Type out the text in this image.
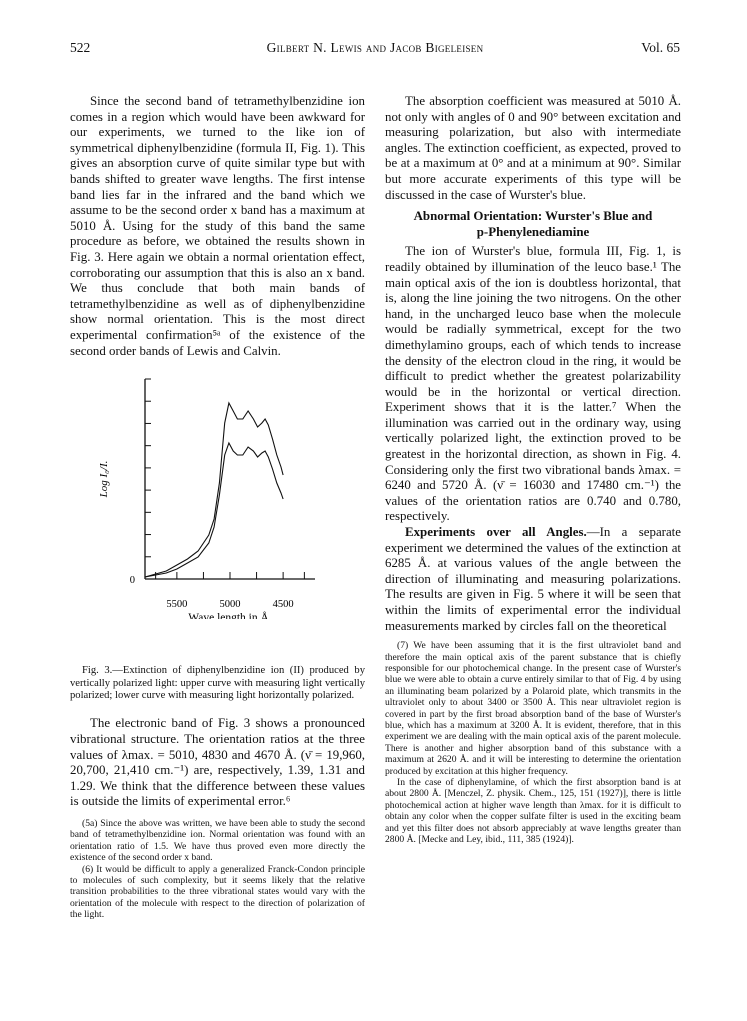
522	Gilbert N. Lewis and Jacob Bigeleisen	Vol. 65

Since the second band of tetramethylbenzidine ion comes in a region which would have been awkward for our experiments, we turned to the like ion of symmetrical diphenylbenzidine (formula II, Fig. 1). This gives an absorption curve of quite similar type but with bands shifted to greater wave lengths. The first intense band lies far in the infrared and the band which we assume to be the second order x band has a maximum at 5010 Å. Using for the study of this band the same procedure as before, we obtained the results shown in Fig. 3. Here again we obtain a normal orientation effect, corroborating our assumption that this is also an x band. We thus conclude that both main bands of tetramethylbenzidine as well as of diphenylbenzidine show normal orientation. This is the most direct experimental confirmation⁵ᵃ of the existence of the second order bands of Lewis and Calvin.

5500	5000	4500
0
Wave length in Å.
Log I₀/I.

Fig. 3.—Extinction of diphenylbenzidine ion (II) produced by vertically polarized light: upper curve with measuring light vertically polarized; lower curve with measuring light horizontally polarized.

The electronic band of Fig. 3 shows a pronounced vibrational structure. The orientation ratios at the three values of λmax. = 5010, 4830 and 4670 Å. (ν̄ = 19,960, 20,700, 21,410 cm.⁻¹) are, respectively, 1.39, 1.31 and 1.29. We think that the difference between these values is outside the limits of experimental error.⁶

(5a) Since the above was written, we have been able to study the second band of tetramethylbenzidine ion. Normal orientation was found with an orientation ratio of 1.5. We have thus proved even more directly the existence of the second order x band.

(6) It would be difficult to apply a generalized Franck-Condon principle to molecules of such complexity, but it seems likely that the relative transition probabilities to the three vibrational states would vary with the orientation of the molecule with respect to the direction of polarization of the light.

The absorption coefficient was measured at 5010 Å. not only with angles of 0 and 90° between excitation and measuring polarization, but also with intermediate angles. The extinction coefficient, as expected, proved to be at a maximum at 0° and at a minimum at 90°. Similar but more accurate experiments of this type will be discussed in the case of Wurster's blue.

Abnormal Orientation: Wurster's Blue and
p-Phenylenediamine

The ion of Wurster's blue, formula III, Fig. 1, is readily obtained by illumination of the leuco base.¹ The main optical axis of the ion is doubtless horizontal, that is, along the line joining the two nitrogens. On the other hand, in the uncharged leuco base when the molecule would be radially symmetrical, except for the two dimethylamino groups, each of which tends to increase the density of the electron cloud in the ring, it would be difficult to predict whether the greatest polarizability would be in the horizontal or vertical direction. Experiment shows that it is the latter.⁷ When the illumination was carried out in the ordinary way, using vertically polarized light, the extinction proved to be greatest in the horizontal direction, as shown in Fig. 4. Considering only the first two vibrational bands λmax. = 6240 and 5720 Å. (ν̄ = 16030 and 17480 cm.⁻¹) the values of the orientation ratios are 0.740 and 0.780, respectively.

Experiments over all Angles.—In a separate experiment we determined the values of the extinction at 6285 Å. at various values of the angle between the direction of illuminating and measuring polarizations. The results are given in Fig. 5 where it will be seen that within the limits of experimental error the individual measurements marked by circles fall on the theoretical

(7) We have been assuming that it is the first ultraviolet band and therefore the main optical axis of the parent substance that is chiefly responsible for our photochemical change. In the present case of Wurster's blue we were able to obtain a curve entirely similar to that of Fig. 4 by using an illuminating beam polarized by a Polaroid plate, which transmits in the ultraviolet only to about 3400 or 3500 Å. This near ultraviolet region is covered in part by the first broad absorption band of the base of Wurster's blue, which has a maximum at 3200 Å. It is evident, therefore, that in this experiment we are dealing with the main optical axis of the parent molecule. There is another and higher absorption band of this substance with a maximum at 2620 Å. and it will be interesting to determine the orientation produced by excitation at this higher frequency.

In the case of diphenylamine, of which the first absorption band is at about 2800 Å. [Menczel, Z. physik. Chem., 125, 151 (1927)], there is little photochemical action at higher wave length than λmax. for it is difficult to obtain any color when the copper sulfate filter is used in the exciting beam and yet this filter does not absorb appreciably at wave lengths greater than 2800 Å. [Mecke and Ley, ibid., 111, 385 (1924)].
